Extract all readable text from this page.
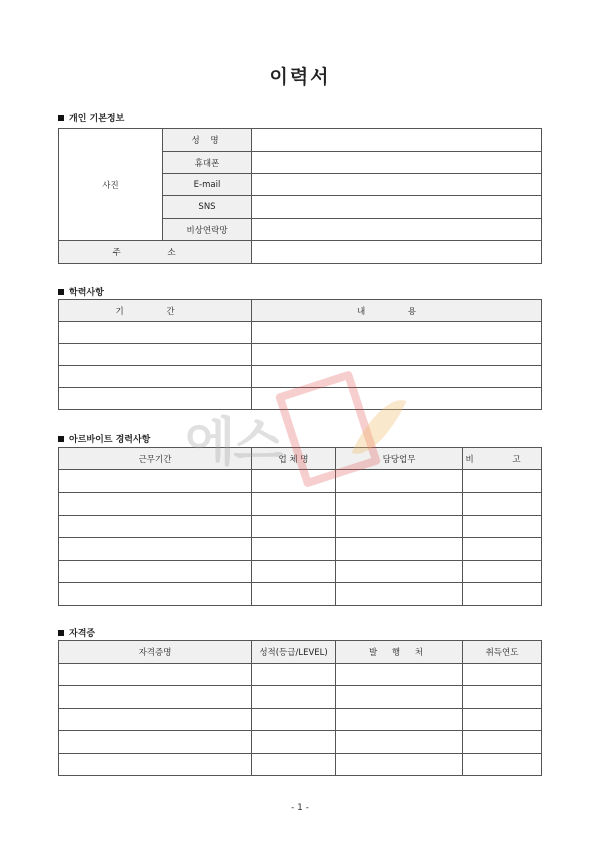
이력서
개인 기본정보
사진	성 명	
	휴대폰	
	E-mail	
	SNS	
	비상연락망	
주 소		
학력사항
기 간	내 용

아르바이트 경력사항
근무기간	업 체 명	담당업무	비 고

자격증
자격증명	성적(등급/LEVEL)	발 행 처	취득연도

에스
- 1 -
